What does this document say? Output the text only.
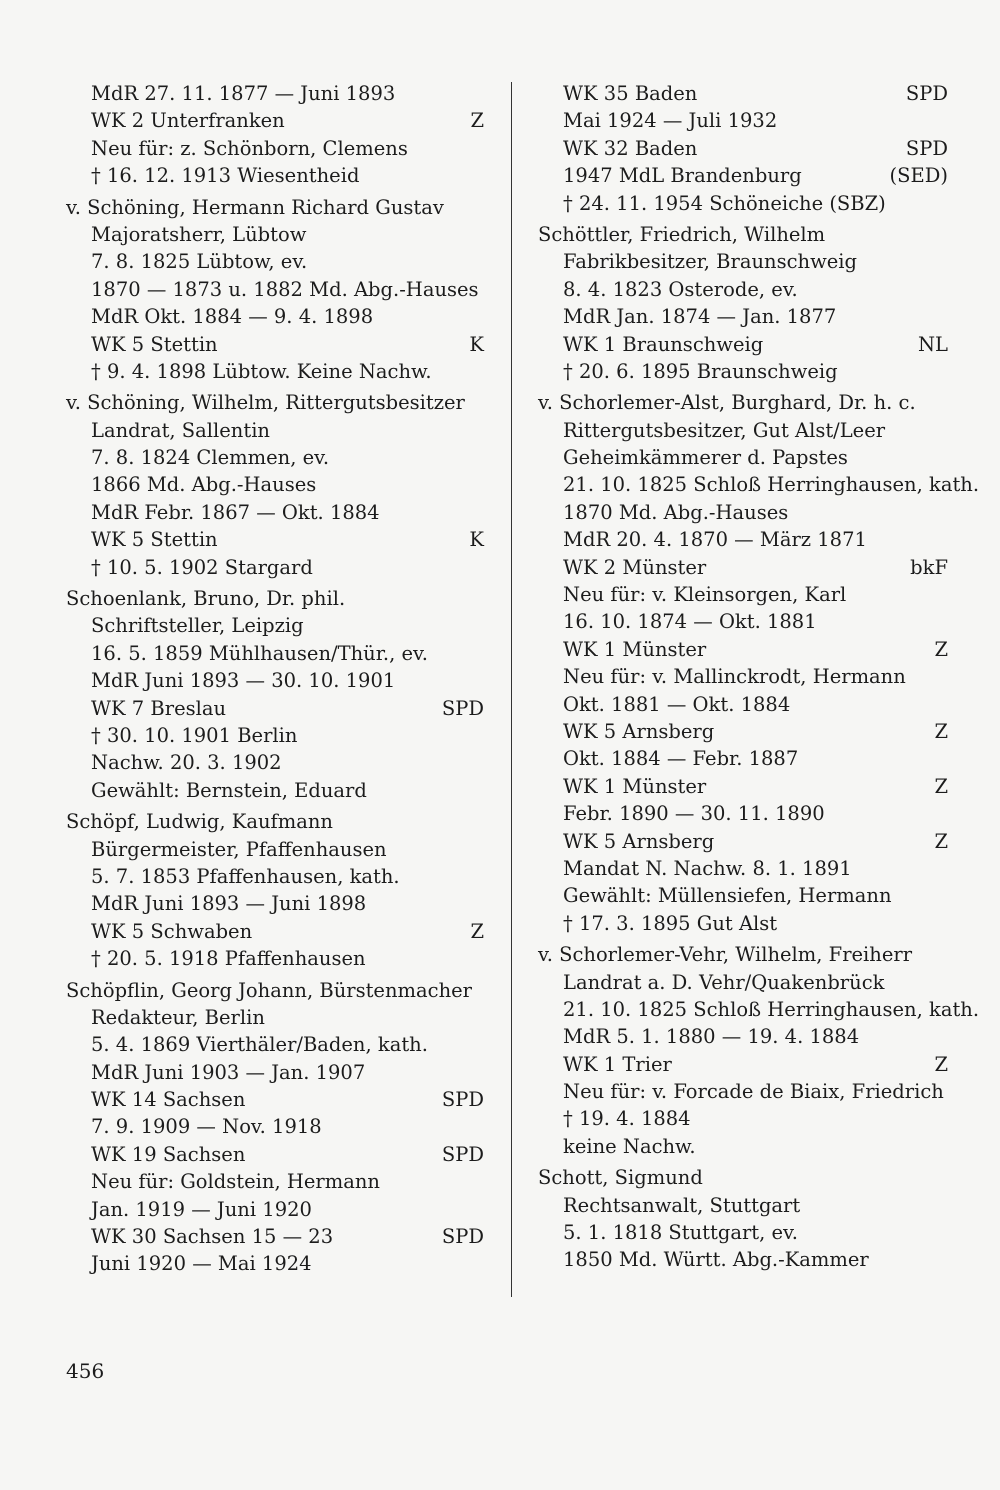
MdR 27. 11. 1877 — Juni 1893
WK 2 Unterfranken	Z
Neu für: z. Schönborn, Clemens
† 16. 12. 1913 Wiesentheid
v. Schöning, Hermann Richard Gustav
Majoratsherr, Lübtow
7. 8. 1825 Lübtow, ev.
1870 — 1873 u. 1882 Md. Abg.-Hauses
MdR Okt. 1884 — 9. 4. 1898
WK 5 Stettin	K
† 9. 4. 1898 Lübtow. Keine Nachw.
v. Schöning, Wilhelm, Rittergutsbesitzer
Landrat, Sallentin
7. 8. 1824 Clemmen, ev.
1866 Md. Abg.-Hauses
MdR Febr. 1867 — Okt. 1884
WK 5 Stettin	K
† 10. 5. 1902 Stargard
Schoenlank, Bruno, Dr. phil.
Schriftsteller, Leipzig
16. 5. 1859 Mühlhausen/Thür., ev.
MdR Juni 1893 — 30. 10. 1901
WK 7 Breslau	SPD
† 30. 10. 1901 Berlin
Nachw. 20. 3. 1902
Gewählt: Bernstein, Eduard
Schöpf, Ludwig, Kaufmann
Bürgermeister, Pfaffenhausen
5. 7. 1853 Pfaffenhausen, kath.
MdR Juni 1893 — Juni 1898
WK 5 Schwaben	Z
† 20. 5. 1918 Pfaffenhausen
Schöpflin, Georg Johann, Bürstenmacher
Redakteur, Berlin
5. 4. 1869 Vierthäler/Baden, kath.
MdR Juni 1903 — Jan. 1907
WK 14 Sachsen	SPD
7. 9. 1909 — Nov. 1918
WK 19 Sachsen	SPD
Neu für: Goldstein, Hermann
Jan. 1919 — Juni 1920
WK 30 Sachsen 15 — 23	SPD
Juni 1920 — Mai 1924
WK 35 Baden	SPD
Mai 1924 — Juli 1932
WK 32 Baden	SPD
1947 MdL Brandenburg	(SED)
† 24. 11. 1954 Schöneiche (SBZ)
Schöttler, Friedrich, Wilhelm
Fabrikbesitzer, Braunschweig
8. 4. 1823 Osterode, ev.
MdR Jan. 1874 — Jan. 1877
WK 1 Braunschweig	NL
† 20. 6. 1895 Braunschweig
v. Schorlemer-Alst, Burghard, Dr. h. c.
Rittergutsbesitzer, Gut Alst/Leer
Geheimkämmerer d. Papstes
21. 10. 1825 Schloß Herringhausen, kath.
1870 Md. Abg.-Hauses
MdR 20. 4. 1870 — März 1871
WK 2 Münster	bkF
Neu für: v. Kleinsorgen, Karl
16. 10. 1874 — Okt. 1881
WK 1 Münster	Z
Neu für: v. Mallinckrodt, Hermann
Okt. 1881 — Okt. 1884
WK 5 Arnsberg	Z
Okt. 1884 — Febr. 1887
WK 1 Münster	Z
Febr. 1890 — 30. 11. 1890
WK 5 Arnsberg	Z
Mandat N. Nachw. 8. 1. 1891
Gewählt: Müllensiefen, Hermann
† 17. 3. 1895 Gut Alst
v. Schorlemer-Vehr, Wilhelm, Freiherr
Landrat a. D. Vehr/Quakenbrück
21. 10. 1825 Schloß Herringhausen, kath.
MdR 5. 1. 1880 — 19. 4. 1884
WK 1 Trier	Z
Neu für: v. Forcade de Biaix, Friedrich
† 19. 4. 1884
keine Nachw.
Schott, Sigmund
Rechtsanwalt, Stuttgart
5. 1. 1818 Stuttgart, ev.
1850 Md. Württ. Abg.-Kammer
456
